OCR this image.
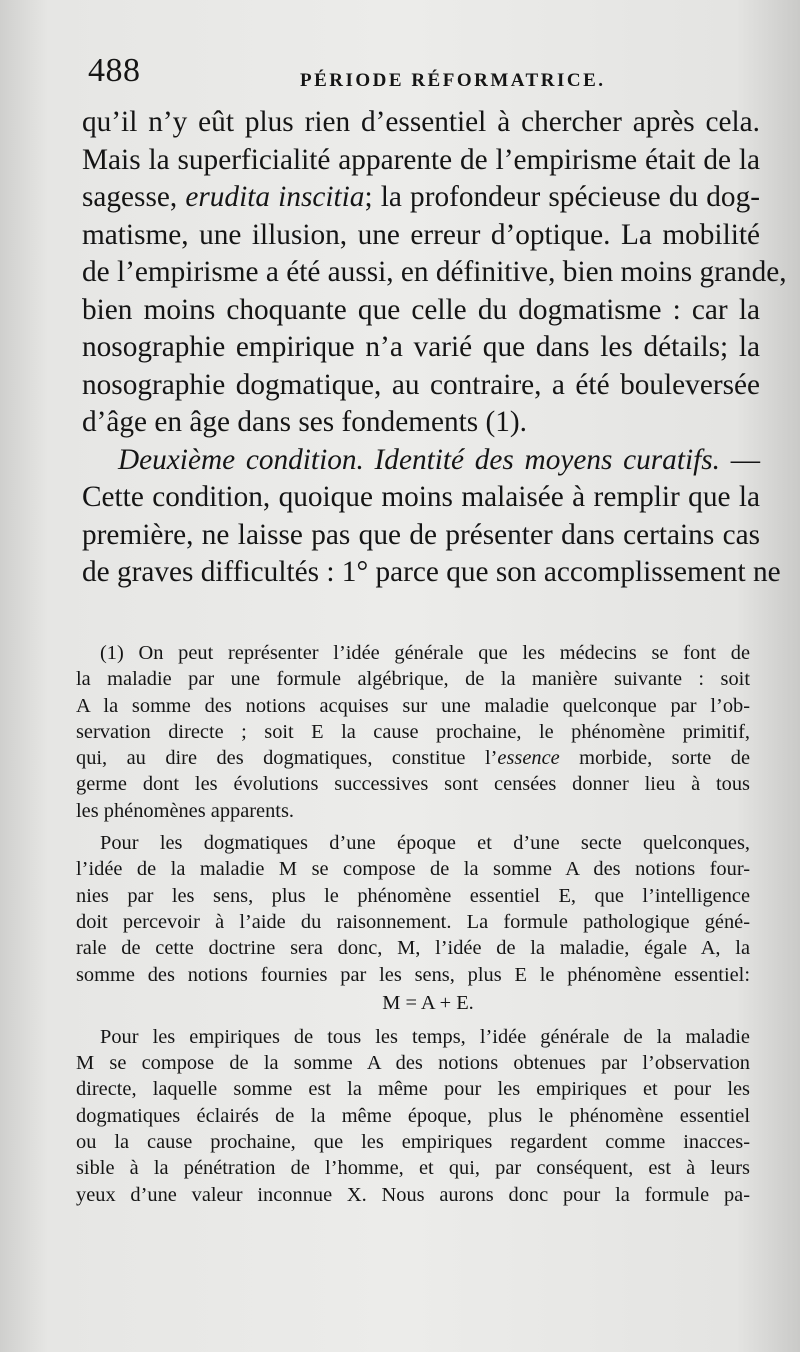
488	PÉRIODE RÉFORMATRICE.
qu’il n’y eût plus rien d’essentiel à chercher après cela.
Mais la superficialité apparente de l’empirisme était de la
sagesse, erudita inscitia; la profondeur spécieuse du dog-
matisme, une illusion, une erreur d’optique. La mobilité
de l’empirisme a été aussi, en définitive, bien moins grande,
bien moins choquante que celle du dogmatisme : car la
nosographie empirique n’a varié que dans les détails; la
nosographie dogmatique, au contraire, a été bouleversée
d’âge en âge dans ses fondements (1).
Deuxième condition. Identité des moyens curatifs. —
Cette condition, quoique moins malaisée à remplir que la
première, ne laisse pas que de présenter dans certains cas
de graves difficultés : 1° parce que son accomplissement ne
(1) On peut représenter l’idée générale que les médecins se font de
la maladie par une formule algébrique, de la manière suivante : soit
A la somme des notions acquises sur une maladie quelconque par l’ob-
servation directe ; soit E la cause prochaine, le phénomène primitif,
qui, au dire des dogmatiques, constitue l’essence morbide, sorte de
germe dont les évolutions successives sont censées donner lieu à tous
les phénomènes apparents.
Pour les dogmatiques d’une époque et d’une secte quelconques,
l’idée de la maladie M se compose de la somme A des notions four-
nies par les sens, plus le phénomène essentiel E, que l’intelligence
doit percevoir à l’aide du raisonnement. La formule pathologique géné-
rale de cette doctrine sera donc, M, l’idée de la maladie, égale A, la
somme des notions fournies par les sens, plus E le phénomène essentiel:
M = A + E.
Pour les empiriques de tous les temps, l’idée générale de la maladie
M se compose de la somme A des notions obtenues par l’observation
directe, laquelle somme est la même pour les empiriques et pour les
dogmatiques éclairés de la même époque, plus le phénomène essentiel
ou la cause prochaine, que les empiriques regardent comme inacces-
sible à la pénétration de l’homme, et qui, par conséquent, est à leurs
yeux d’une valeur inconnue X. Nous aurons donc pour la formule pa-
